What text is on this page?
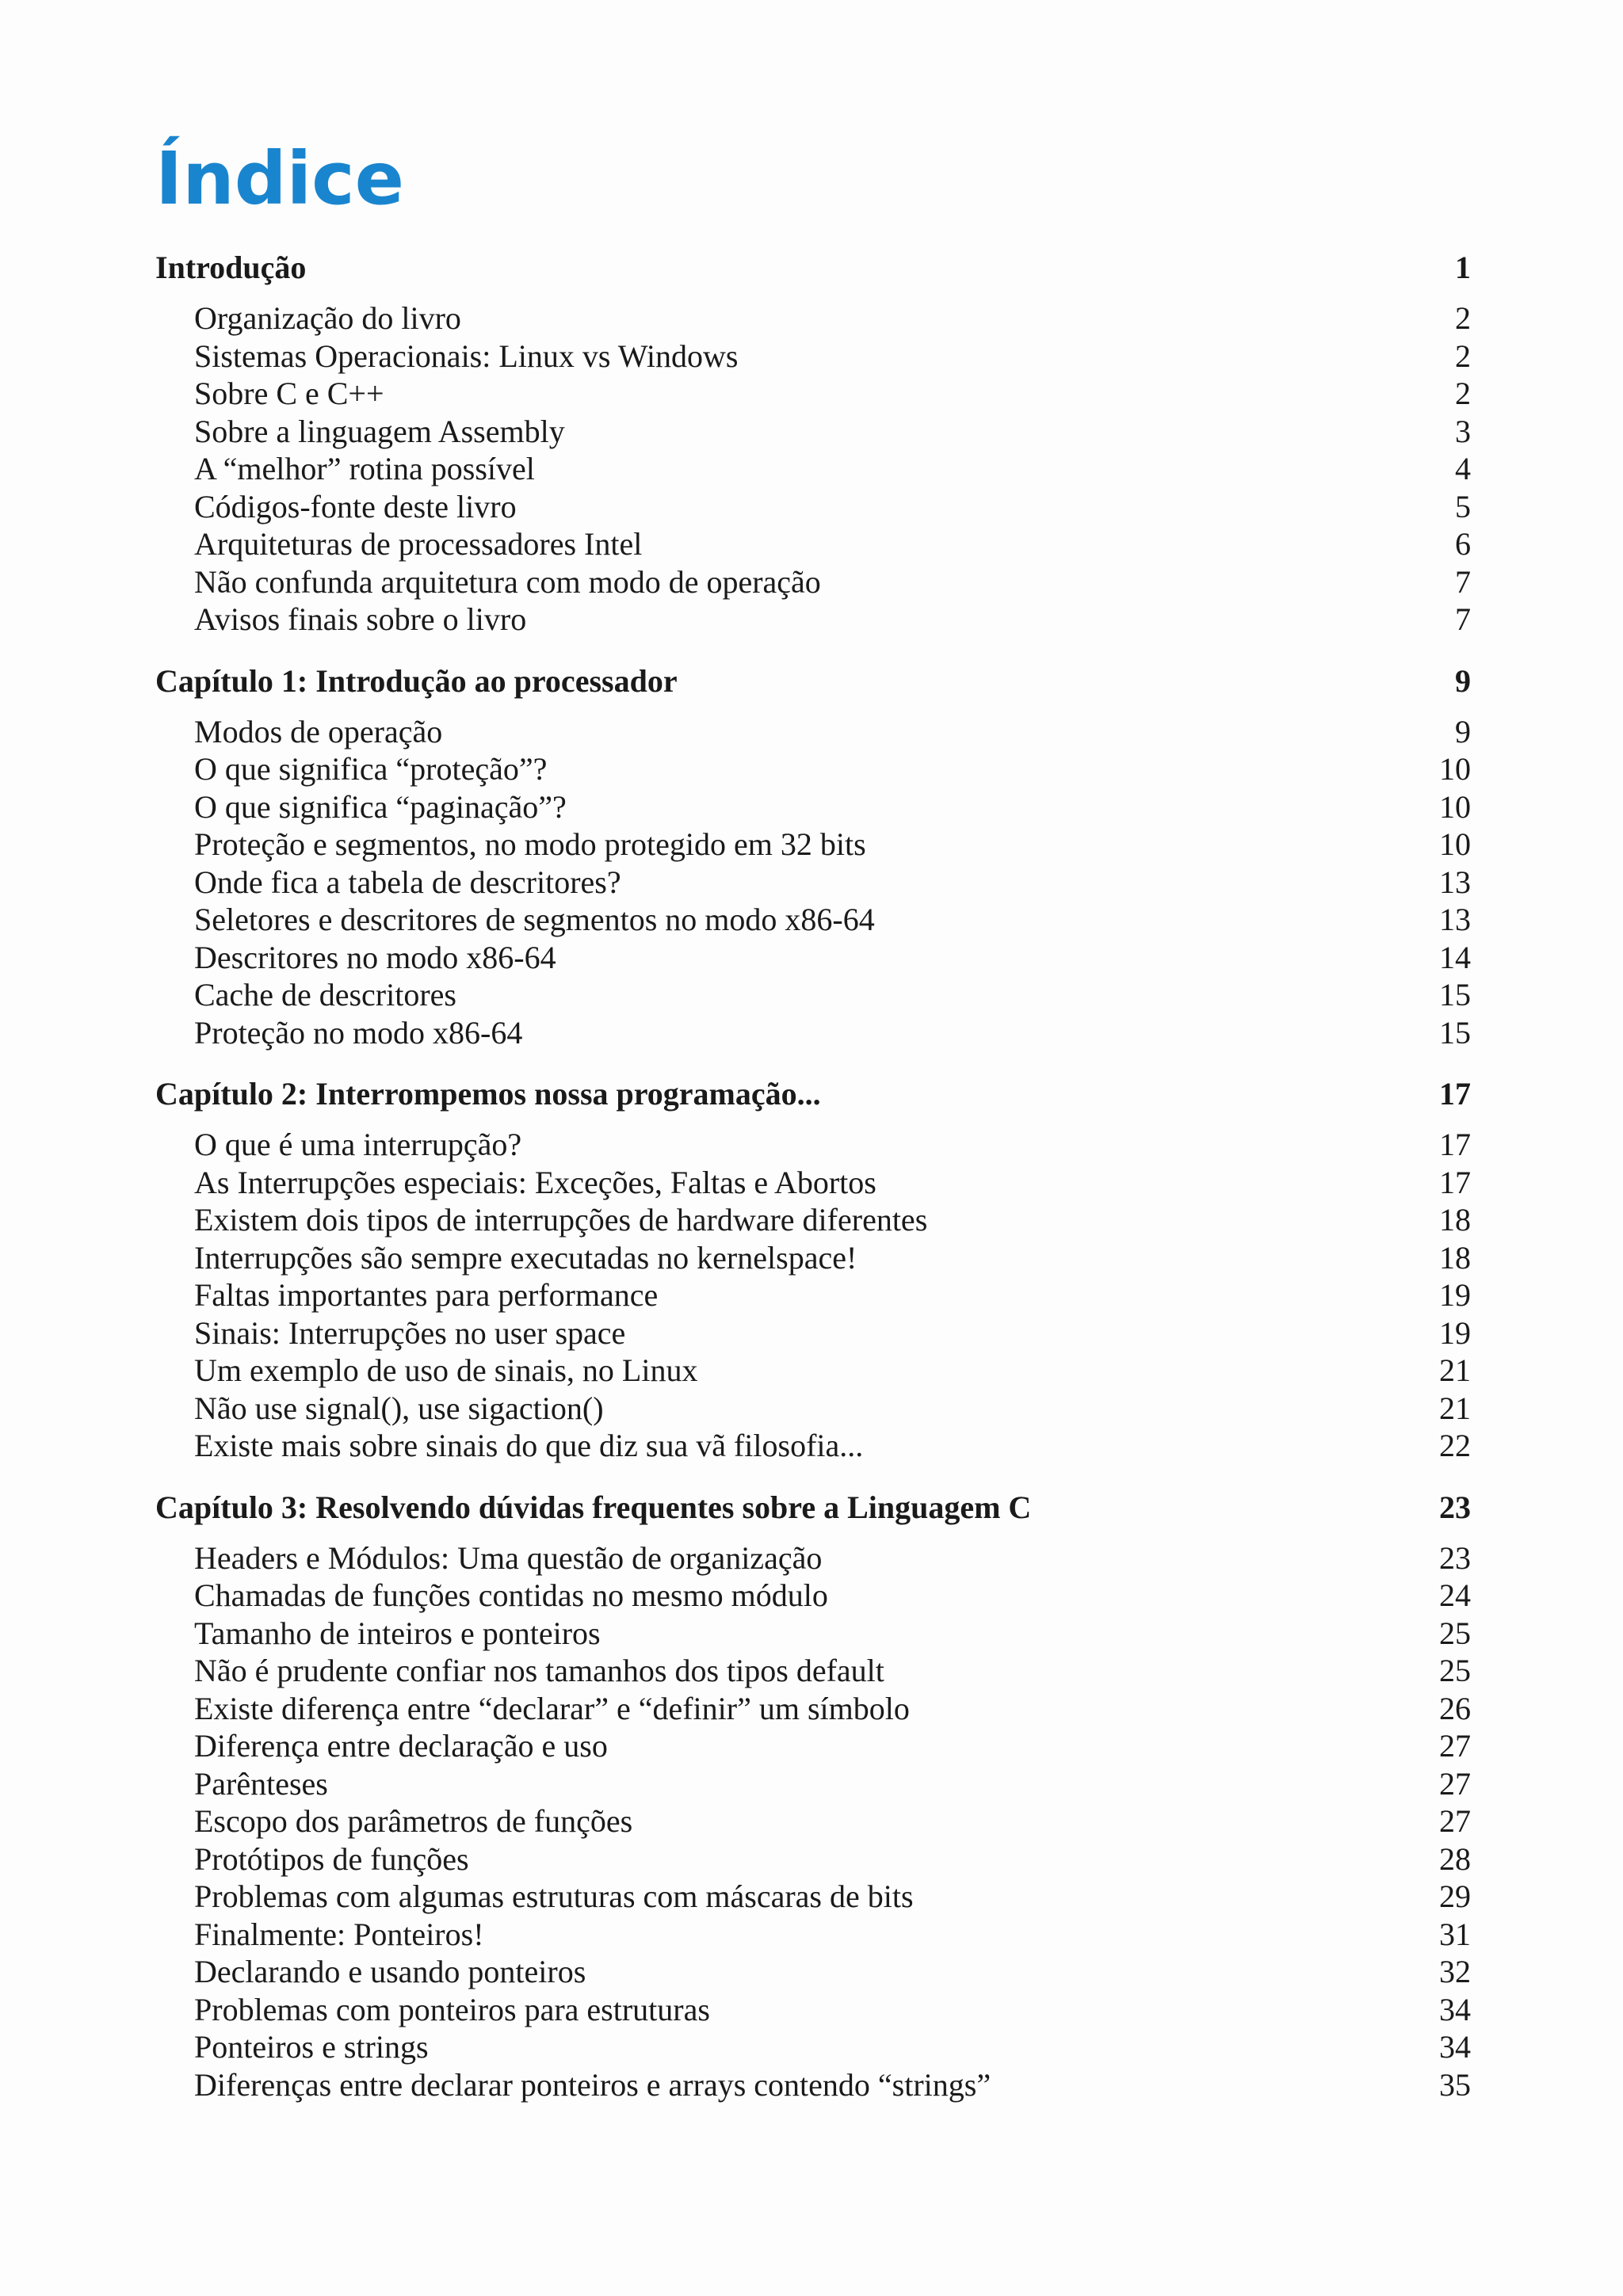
Índice
Introdução	1
Organização do livro	2
Sistemas Operacionais: Linux vs Windows	2
Sobre C e C++	2
Sobre a linguagem Assembly	3
A “melhor” rotina possível	4
Códigos-fonte deste livro	5
Arquiteturas de processadores Intel	6
Não confunda arquitetura com modo de operação	7
Avisos finais sobre o livro	7
Capítulo 1: Introdução ao processador	9
Modos de operação	9
O que significa “proteção”?	10
O que significa “paginação”?	10
Proteção e segmentos, no modo protegido em 32 bits	10
Onde fica a tabela de descritores?	13
Seletores e descritores de segmentos no modo x86-64	13
Descritores no modo x86-64	14
Cache de descritores	15
Proteção no modo x86-64	15
Capítulo 2: Interrompemos nossa programação...	17
O que é uma interrupção?	17
As Interrupções especiais: Exceções, Faltas e Abortos	17
Existem dois tipos de interrupções de hardware diferentes	18
Interrupções são sempre executadas no kernelspace!	18
Faltas importantes para performance	19
Sinais: Interrupções no user space	19
Um exemplo de uso de sinais, no Linux	21
Não use signal(), use sigaction()	21
Existe mais sobre sinais do que diz sua vã filosofia...	22
Capítulo 3: Resolvendo dúvidas frequentes sobre a Linguagem C	23
Headers e Módulos: Uma questão de organização	23
Chamadas de funções contidas no mesmo módulo	24
Tamanho de inteiros e ponteiros	25
Não é prudente confiar nos tamanhos dos tipos default	25
Existe diferença entre “declarar” e “definir” um símbolo	26
Diferença entre declaração e uso	27
Parênteses	27
Escopo dos parâmetros de funções	27
Protótipos de funções	28
Problemas com algumas estruturas com máscaras de bits	29
Finalmente: Ponteiros!	31
Declarando e usando ponteiros	32
Problemas com ponteiros para estruturas	34
Ponteiros e strings	34
Diferenças entre declarar ponteiros e arrays contendo “strings”	35
